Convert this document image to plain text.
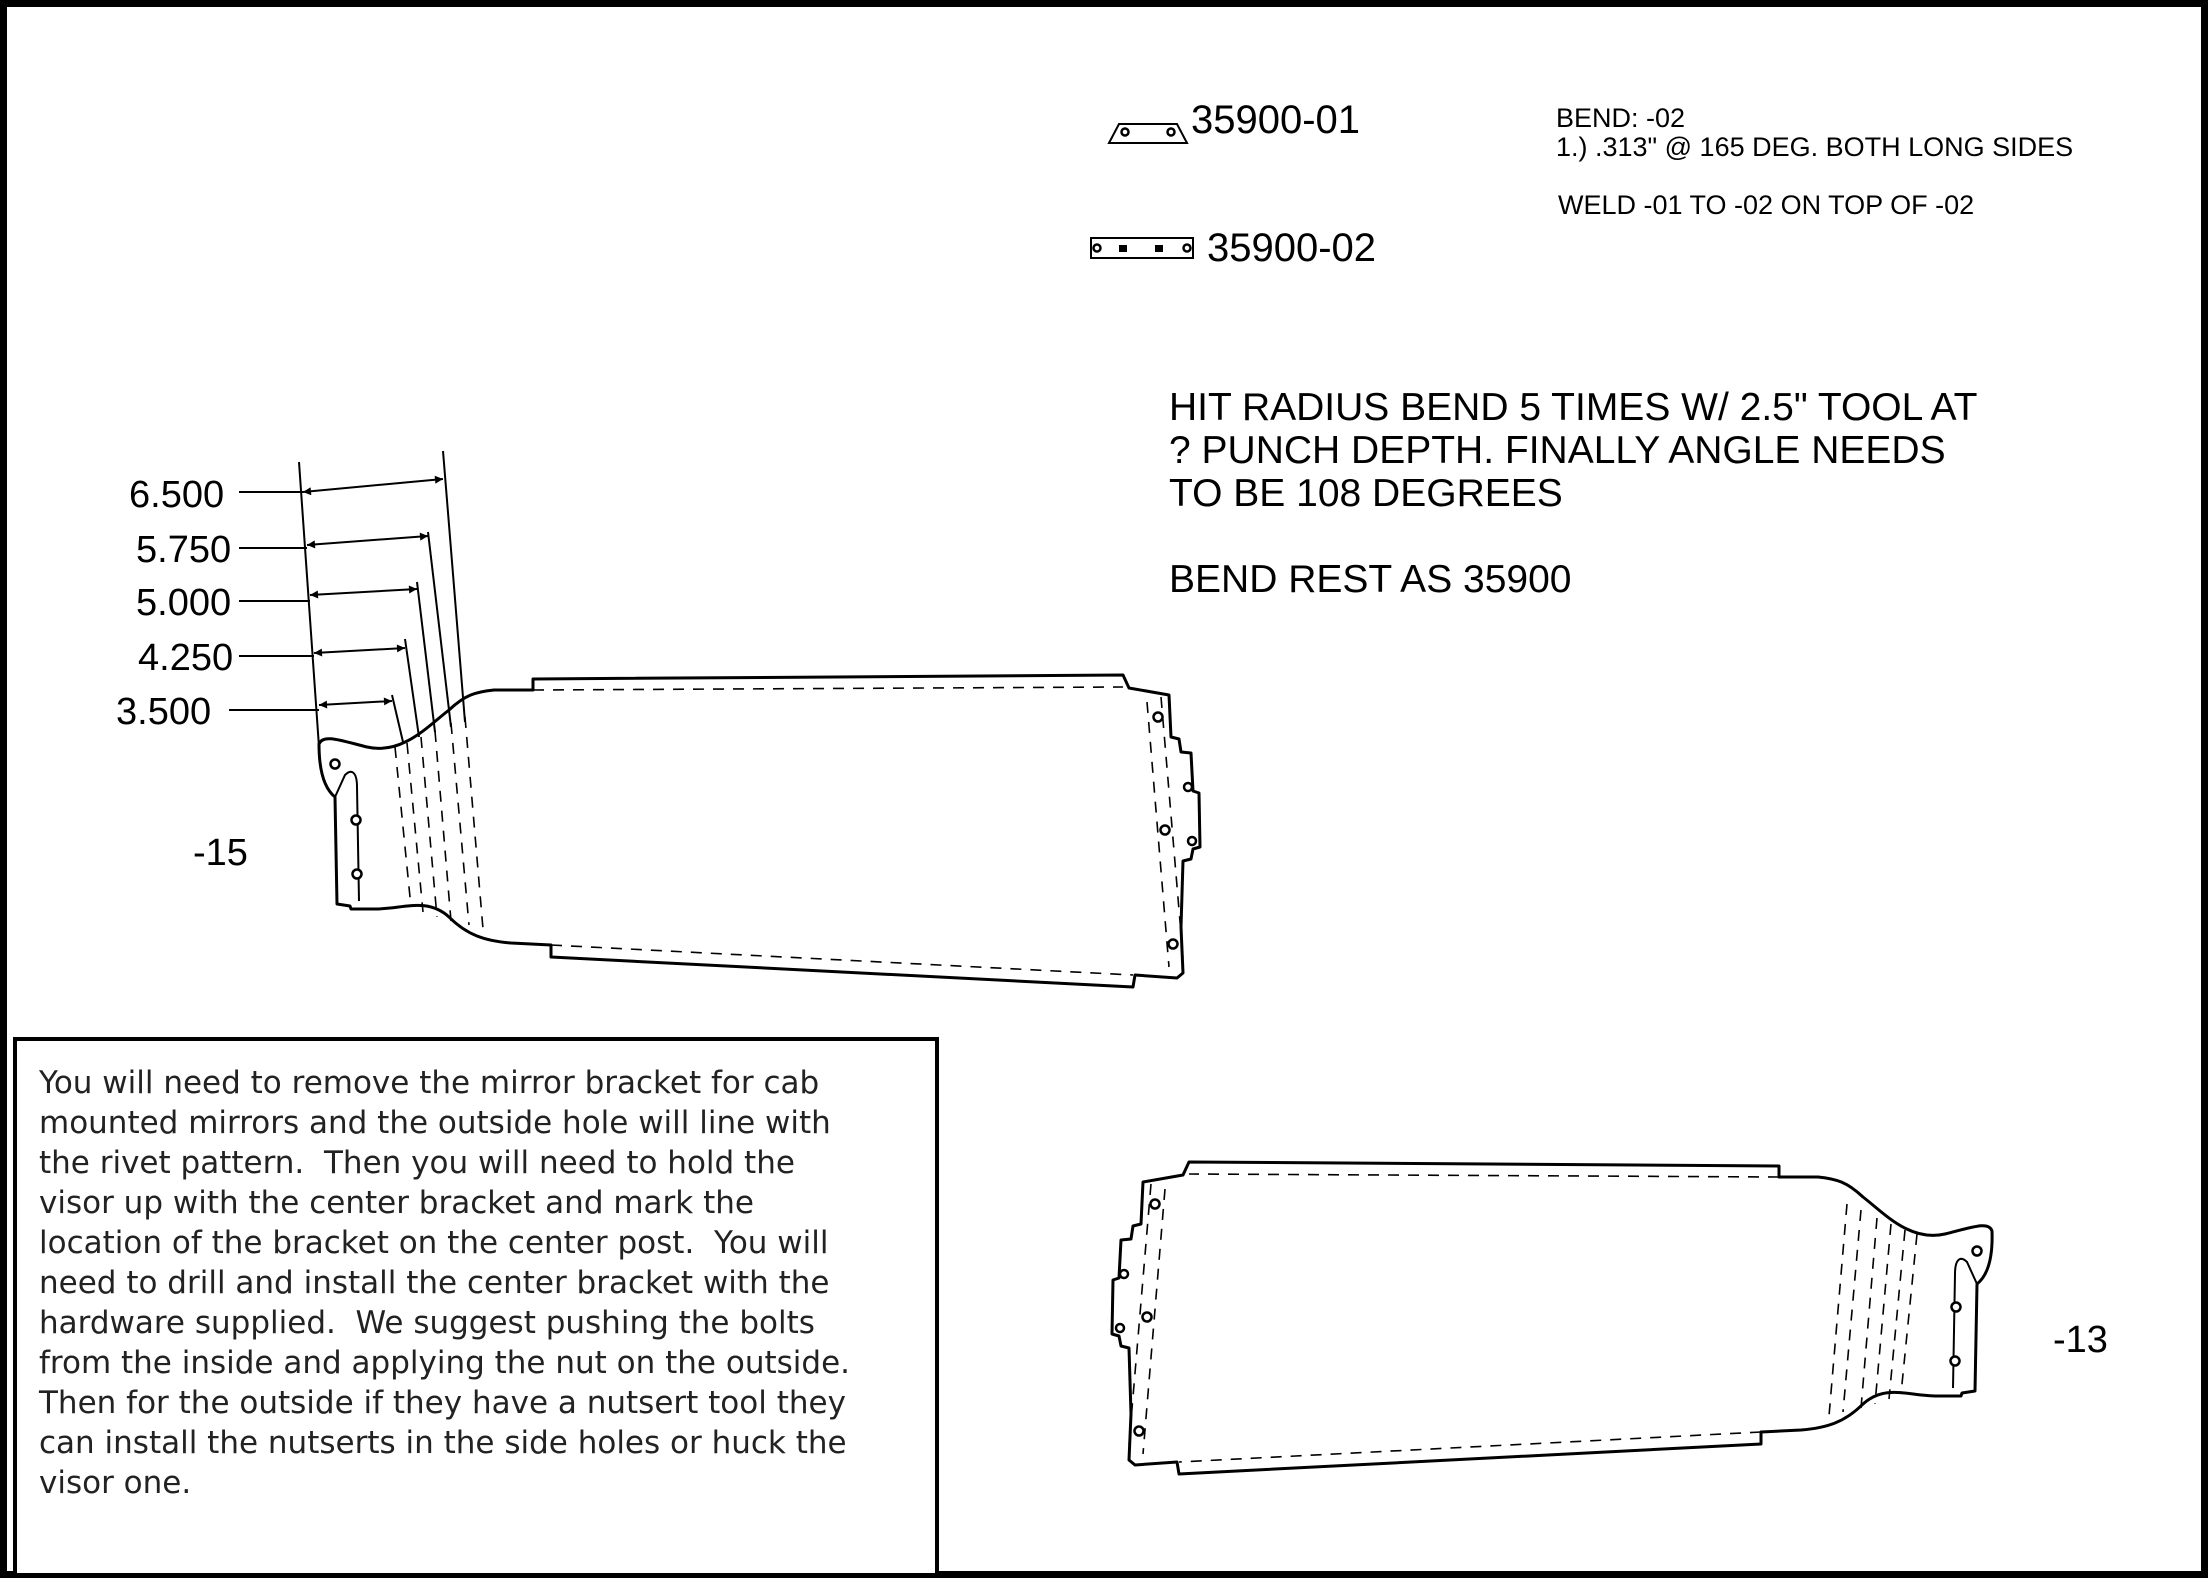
35900-01
35900-02
BEND: -02
1.) .313" @ 165 DEG. BOTH LONG SIDES
WELD -01 TO -02 ON TOP OF -02
HIT RADIUS BEND 5 TIMES W/ 2.5" TOOL AT
? PUNCH DEPTH. FINALLY ANGLE NEEDS
TO BE 108 DEGREES
BEND REST AS 35900
6.500
5.750
5.000
4.250
3.500
-15
-13

You will need to remove the mirror bracket for cab
mounted mirrors and the outside hole will line with
the rivet pattern.  Then you will need to hold the
visor up with the center bracket and mark the
location of the bracket on the center post.  You will
need to drill and install the center bracket with the
hardware supplied.  We suggest pushing the bolts
from the inside and applying the nut on the outside.
Then for the outside if they have a nutsert tool they
can install the nutserts in the side holes or huck the
visor one.
